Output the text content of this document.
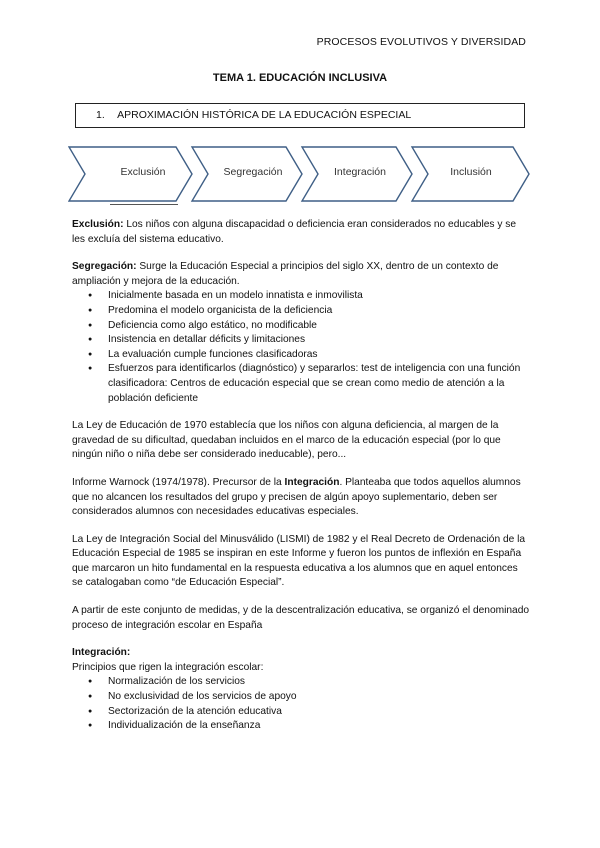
PROCESOS EVOLUTIVOS Y DIVERSIDAD
TEMA 1. EDUCACIÓN INCLUSIVA
1. APROXIMACIÓN HISTÓRICA DE LA EDUCACIÓN ESPECIAL
Exclusión	Segregación	Integración	Inclusión

Exclusión: Los niños con alguna discapacidad o deficiencia eran considerados no educables y se les excluía del sistema educativo.

Segregación: Surge la Educación Especial a principios del siglo XX, dentro de un contexto de ampliación y mejora de la educación.

● Inicialmente basada en un modelo innatista e inmovilista
● Predomina el modelo organicista de la deficiencia
● Deficiencia como algo estático, no modificable
● Insistencia en detallar déficits y limitaciones
● La evaluación cumple funciones clasificadoras
● Esfuerzos para identificarlos (diagnóstico) y separarlos: test de inteligencia con una función clasificadora: Centros de educación especial que se crean como medio de atención a la población deficiente

La Ley de Educación de 1970 establecía que los niños con alguna deficiencia, al margen de la gravedad de su dificultad, quedaban incluidos en el marco de la educación especial (por lo que ningún niño o niña debe ser considerado ineducable), pero...

Informe Warnock (1974/1978). Precursor de la Integración. Planteaba que todos aquellos alumnos que no alcancen los resultados del grupo y precisen de algún apoyo suplementario, deben ser considerados alumnos con necesidades educativas especiales.

La Ley de Integración Social del Minusválido (LISMI) de 1982 y el Real Decreto de Ordenación de la Educación Especial de 1985 se inspiran en este Informe y fueron los puntos de inflexión en España que marcaron un hito fundamental en la respuesta educativa a los alumnos que en aquel entonces se catalogaban como “de Educación Especial”.

A partir de este conjunto de medidas, y de la descentralización educativa, se organizó el denominado proceso de integración escolar en España

Integración:
Principios que rigen la integración escolar:

● Normalización de los servicios
● No exclusividad de los servicios de apoyo
● Sectorización de la atención educativa
● Individualización de la enseñanza
